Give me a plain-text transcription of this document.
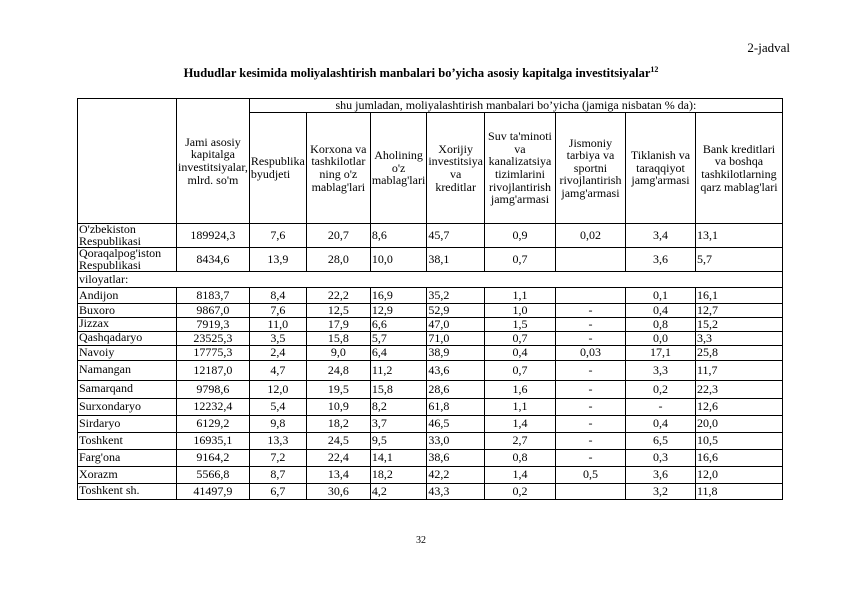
2-jadval
Hududlar kesimida moliyalashtirish manbalari bo’yicha asosiy kapitalga investitsiyalar$^{12}$
	Jami asosiy kapitalga investitsiyalar, mlrd. so'm	shu jumladan, moliyalashtirish manbalari bo’yicha (jamiga nisbatan % da):							
		Respublika byudjeti	Korxona va tashkilotlar ning o'z mablag'lari	Aholining o'z mablag'lari	Xorijiy investitsiya va kreditlar	Suv ta'minoti va kanalizatsiya tizimlarini rivojlantirish jamg'armasi	Jismoniy tarbiya va sportni rivojlantirish jamg'armasi	Tiklanish va taraqqiyot jamg'armasi	Bank kreditlari va boshqa tashkilotlarning qarz mablag'lari
O'zbekiston Respublikasi	189924,3	7,6	20,7	8,6	45,7	0,9	0,02	3,4	13,1
Qoraqalpog'iston Respublikasi	8434,6	13,9	28,0	10,0	38,1	0,7		3,6	5,7
viloyatlar:									
Andijon	8183,7	8,4	22,2	16,9	35,2	1,1		0,1	16,1
Buxoro	9867,0	7,6	12,5	12,9	52,9	1,0	-	0,4	12,7
Jizzax	7919,3	11,0	17,9	6,6	47,0	1,5	-	0,8	15,2
Qashqadaryo	23525,3	3,5	15,8	5,7	71,0	0,7	-	0,0	3,3
Navoiy	17775,3	2,4	9,0	6,4	38,9	0,4	0,03	17,1	25,8
Namangan	12187,0	4,7	24,8	11,2	43,6	0,7	-	3,3	11,7
Samarqand	9798,6	12,0	19,5	15,8	28,6	1,6	-	0,2	22,3
Surxondaryo	12232,4	5,4	10,9	8,2	61,8	1,1	-	-	12,6
Sirdaryo	6129,2	9,8	18,2	3,7	46,5	1,4	-	0,4	20,0
Toshkent	16935,1	13,3	24,5	9,5	33,0	2,7	-	6,5	10,5
Farg'ona	9164,2	7,2	22,4	14,1	38,6	0,8	-	0,3	16,6
Xorazm	5566,8	8,7	13,4	18,2	42,2	1,4	0,5	3,6	12,0
Toshkent sh.	41497,9	6,7	30,6	4,2	43,3	0,2		3,2	11,8
32
